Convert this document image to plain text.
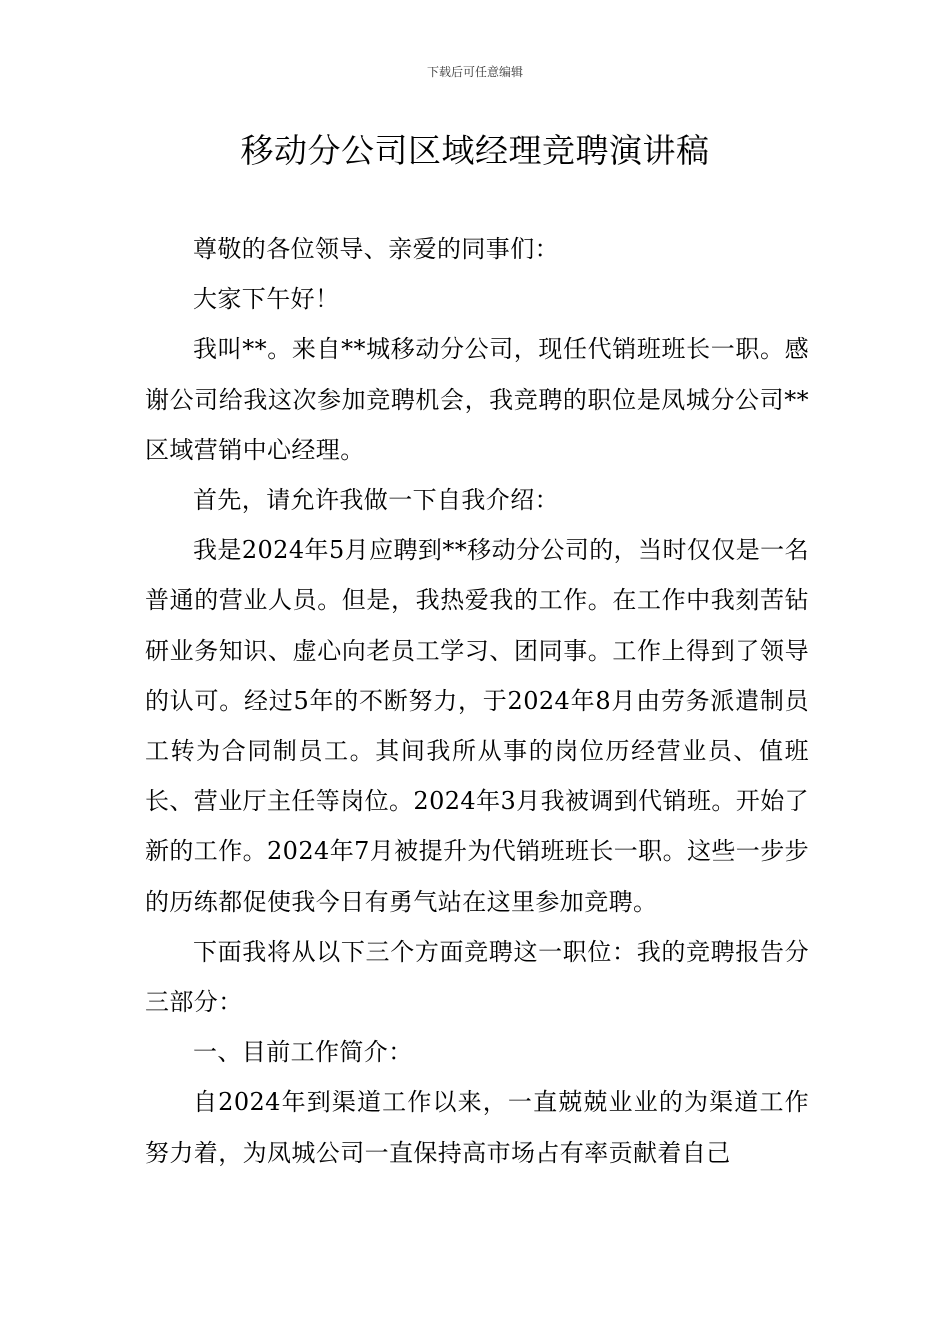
下载后可任意编辑
移动分公司区域经理竞聘演讲稿

尊敬的各位领导、亲爱的同事们：

大家下午好！

我叫**。来自**城移动分公司，现任代销班班长一职。感谢公司给我这次参加竞聘机会，我竞聘的职位是凤城分公司**区域营销中心经理。

首先，请允许我做一下自我介绍：

我是2024年5月应聘到**移动分公司的，当时仅仅是一名普通的营业人员。但是，我热爱我的工作。在工作中我刻苦钻研业务知识、虚心向老员工学习、团同事。工作上得到了领导的认可。经过5年的不断努力，于2024年8月由劳务派遣制员工转为合同制员工。其间我所从事的岗位历经营业员、值班长、营业厅主任等岗位。2024年3月我被调到代销班。开始了新的工作。2024年7月被提升为代销班班长一职。这些一步步的历练都促使我今日有勇气站在这里参加竞聘。

下面我将从以下三个方面竞聘这一职位：我的竞聘报告分三部分：

一、目前工作简介：

自2024年到渠道工作以来，一直兢兢业业的为渠道工作努力着，为凤城公司一直保持高市场占有率贡献着自己
